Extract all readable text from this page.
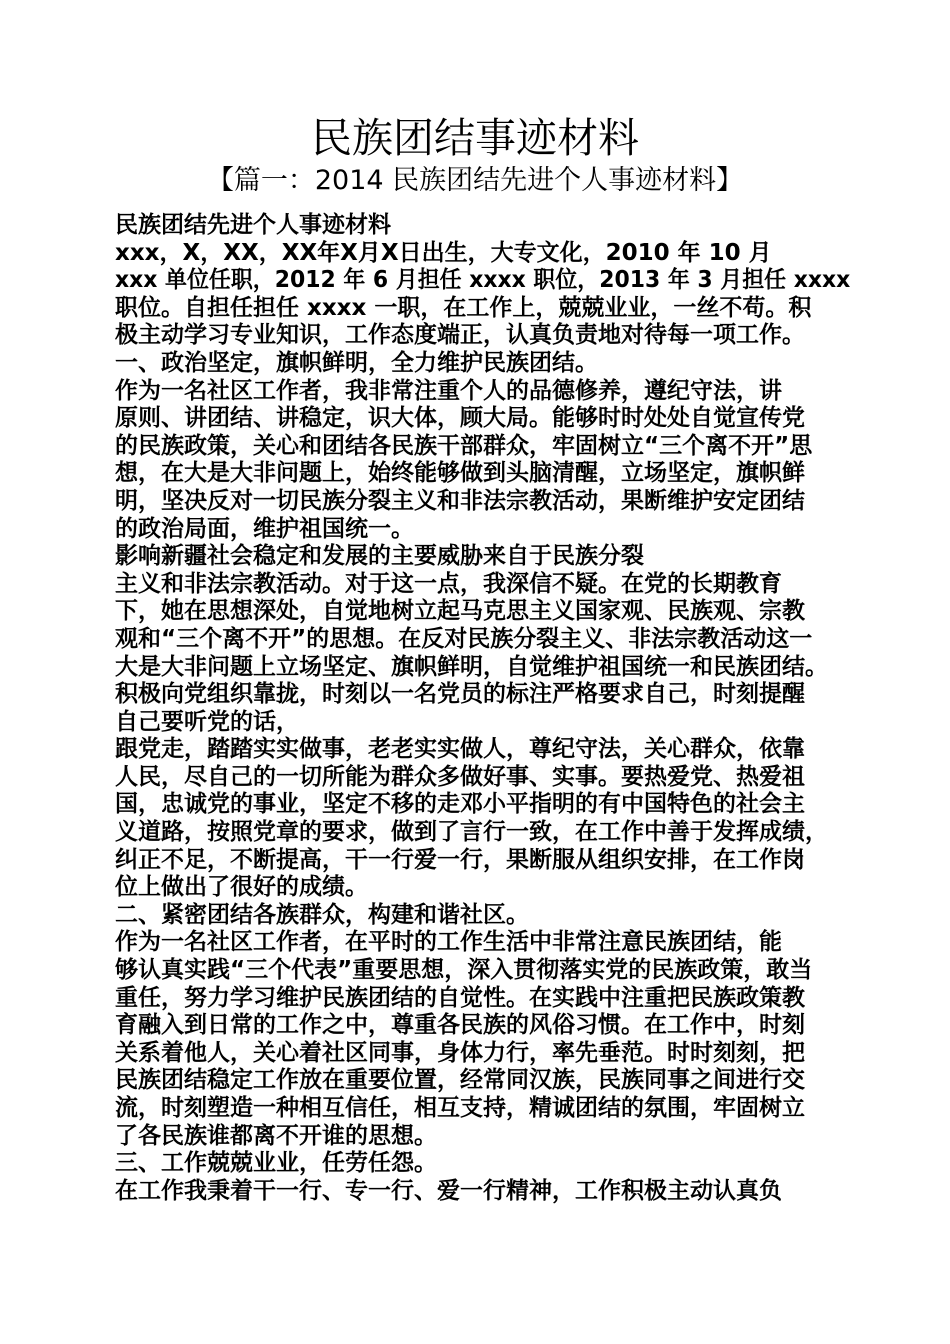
民族团结事迹材料
【篇一：2014 民族团结先进个人事迹材料】

民族团结先进个人事迹材料

xxx，X，XX，XX年X月X日出生，大专文化，2010 年 10 月

xxx 单位任职，2012 年 6 月担任 xxxx 职位，2013 年 3 月担任 xxxx

职位。自担任担任 xxxx 一职，在工作上，兢兢业业，一丝不苟。积

极主动学习专业知识，工作态度端正，认真负责地对待每一项工作。

一、政治坚定，旗帜鲜明，全力维护民族团结。

作为一名社区工作者，我非常注重个人的品德修养，遵纪守法，讲

原则、讲团结、讲稳定，识大体，顾大局。能够时时处处自觉宣传党

的民族政策，关心和团结各民族干部群众，牢固树立“三个离不开”思

想，在大是大非问题上，始终能够做到头脑清醒，立场坚定，旗帜鲜

明，坚决反对一切民族分裂主义和非法宗教活动，果断维护安定团结

的政治局面，维护祖国统一。

影响新疆社会稳定和发展的主要威胁来自于民族分裂

主义和非法宗教活动。对于这一点，我深信不疑。在党的长期教育

下，她在思想深处，自觉地树立起马克思主义国家观、民族观、宗教

观和“三个离不开”的思想。在反对民族分裂主义、非法宗教活动这一

大是大非问题上立场坚定、旗帜鲜明，自觉维护祖国统一和民族团结。

积极向党组织靠拢，时刻以一名党员的标注严格要求自己，时刻提醒

自己要听党的话，

跟党走，踏踏实实做事，老老实实做人，尊纪守法，关心群众，依靠

人民，尽自己的一切所能为群众多做好事、实事。要热爱党、热爱祖

国，忠诚党的事业，坚定不移的走邓小平指明的有中国特色的社会主

义道路，按照党章的要求，做到了言行一致，在工作中善于发挥成绩，

纠正不足，不断提高，干一行爱一行，果断服从组织安排，在工作岗

位上做出了很好的成绩。

二、紧密团结各族群众，构建和谐社区。

作为一名社区工作者，在平时的工作生活中非常注意民族团结，能

够认真实践“三个代表”重要思想，深入贯彻落实党的民族政策，敢当

重任，努力学习维护民族团结的自觉性。在实践中注重把民族政策教

育融入到日常的工作之中，尊重各民族的风俗习惯。在工作中，时刻

关系着他人，关心着社区同事，身体力行，率先垂范。时时刻刻，把

民族团结稳定工作放在重要位置，经常同汉族，民族同事之间进行交

流，时刻塑造一种相互信任，相互支持，精诚团结的氛围，牢固树立

了各民族谁都离不开谁的思想。

三、工作兢兢业业，任劳任怨。

在工作我秉着干一行、专一行、爱一行精神，工作积极主动认真负
